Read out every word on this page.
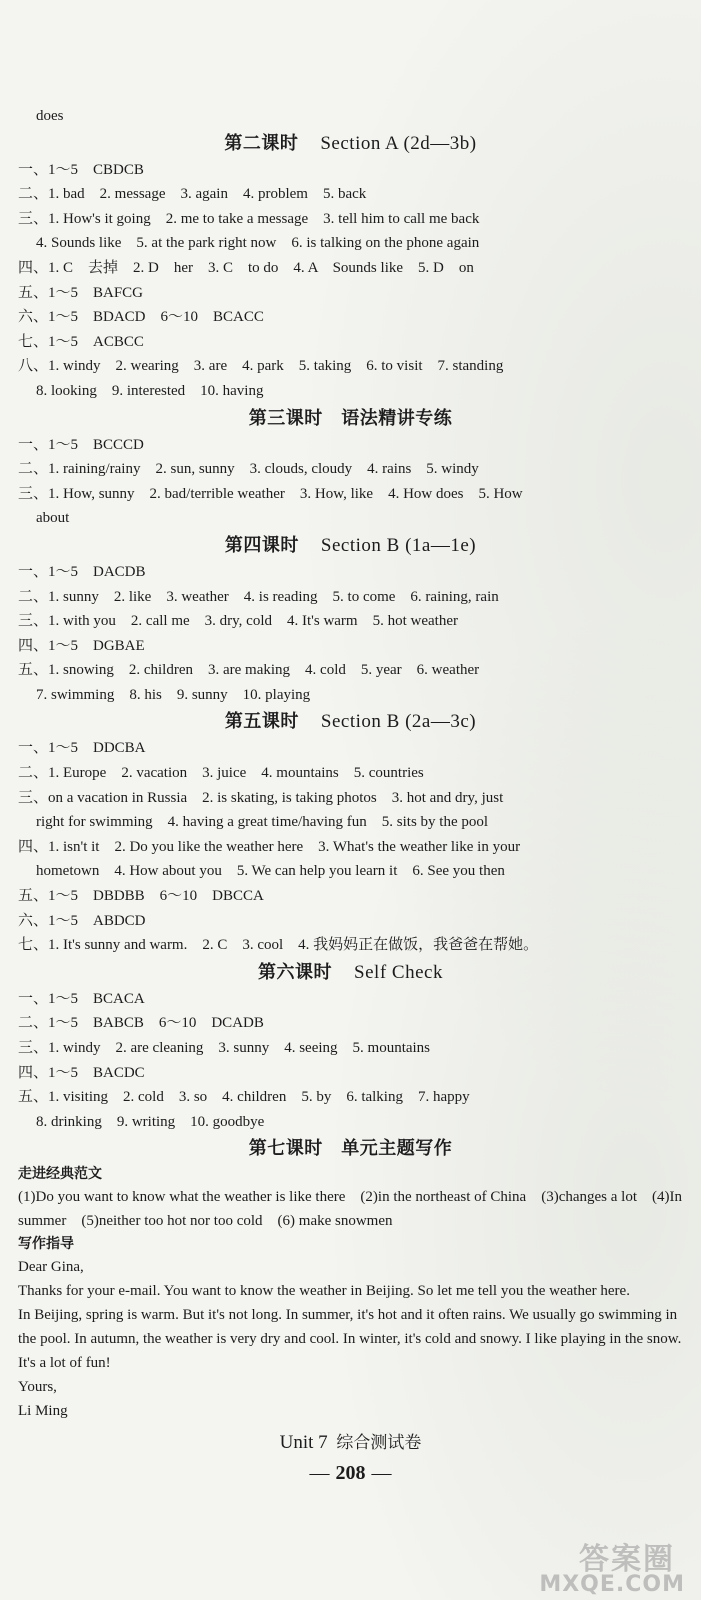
does
第二课时 Section A (2d—3b)
一、1～5　CBDCB
二、1. bad　2. message　3. again　4. problem　5. back
三、1. How's it going　2. me to take a message　3. tell him to call me back
4. Sounds like　5. at the park right now　6. is talking on the phone again
四、1. C　去掉　2. D　her　3. C　to do　4. A　Sounds like　5. D　on
五、1～5　BAFCG
六、1～5　BDACD　6～10　BCACC
七、1～5　ACBCC
八、1. windy　2. wearing　3. are　4. park　5. taking　6. to visit　7. standing
8. looking　9. interested　10. having
第三课时　语法精讲专练
一、1～5　BCCCD
二、1. raining/rainy　2. sun, sunny　3. clouds, cloudy　4. rains　5. windy
三、1. How, sunny　2. bad/terrible weather　3. How, like　4. How does　5. How
about
第四课时 Section B (1a—1e)
一、1～5　DACDB
二、1. sunny　2. like　3. weather　4. is reading　5. to come　6. raining, rain
三、1. with you　2. call me　3. dry, cold　4. It's warm　5. hot weather
四、1～5　DGBAE
五、1. snowing　2. children　3. are making　4. cold　5. year　6. weather
7. swimming　8. his　9. sunny　10. playing
第五课时 Section B (2a—3c)
一、1～5　DDCBA
二、1. Europe　2. vacation　3. juice　4. mountains　5. countries
三、on a vacation in Russia　2. is skating, is taking photos　3. hot and dry, just
right for swimming　4. having a great time/having fun　5. sits by the pool
四、1. isn't it　2. Do you like the weather here　3. What's the weather like in your
hometown　4. How about you　5. We can help you learn it　6. See you then
五、1～5　DBDBB　6～10　DBCCA
六、1～5　ABDCD
七、1. It's sunny and warm.　2. C　3. cool　4. 我妈妈正在做饭，我爸爸在帮她。
第六课时 Self Check
一、1～5　BCACA
二、1～5　BABCB　6～10　DCADB
三、1. windy　2. are cleaning　3. sunny　4. seeing　5. mountains
四、1～5　BACDC
五、1. visiting　2. cold　3. so　4. children　5. by　6. talking　7. happy
8. drinking　9. writing　10. goodbye
第七课时　单元主题写作
走进经典范文
(1)Do you want to know what the weather is like there　(2)in the northeast of China　(3)changes a lot　(4)In summer　(5)neither too hot nor too cold　(6) make snowmen
写作指导
Dear Gina,
Thanks for your e-mail. You want to know the weather in Beijing. So let me tell you the weather here.
In Beijing, spring is warm. But it's not long. In summer, it's hot and it often rains. We usually go swimming in the pool. In autumn, the weather is very dry and cool. In winter, it's cold and snowy. I like playing in the snow. It's a lot of fun!
Yours,
Li Ming
Unit 7 综合测试卷
— 208 —
答案圈
MXQE.COM
